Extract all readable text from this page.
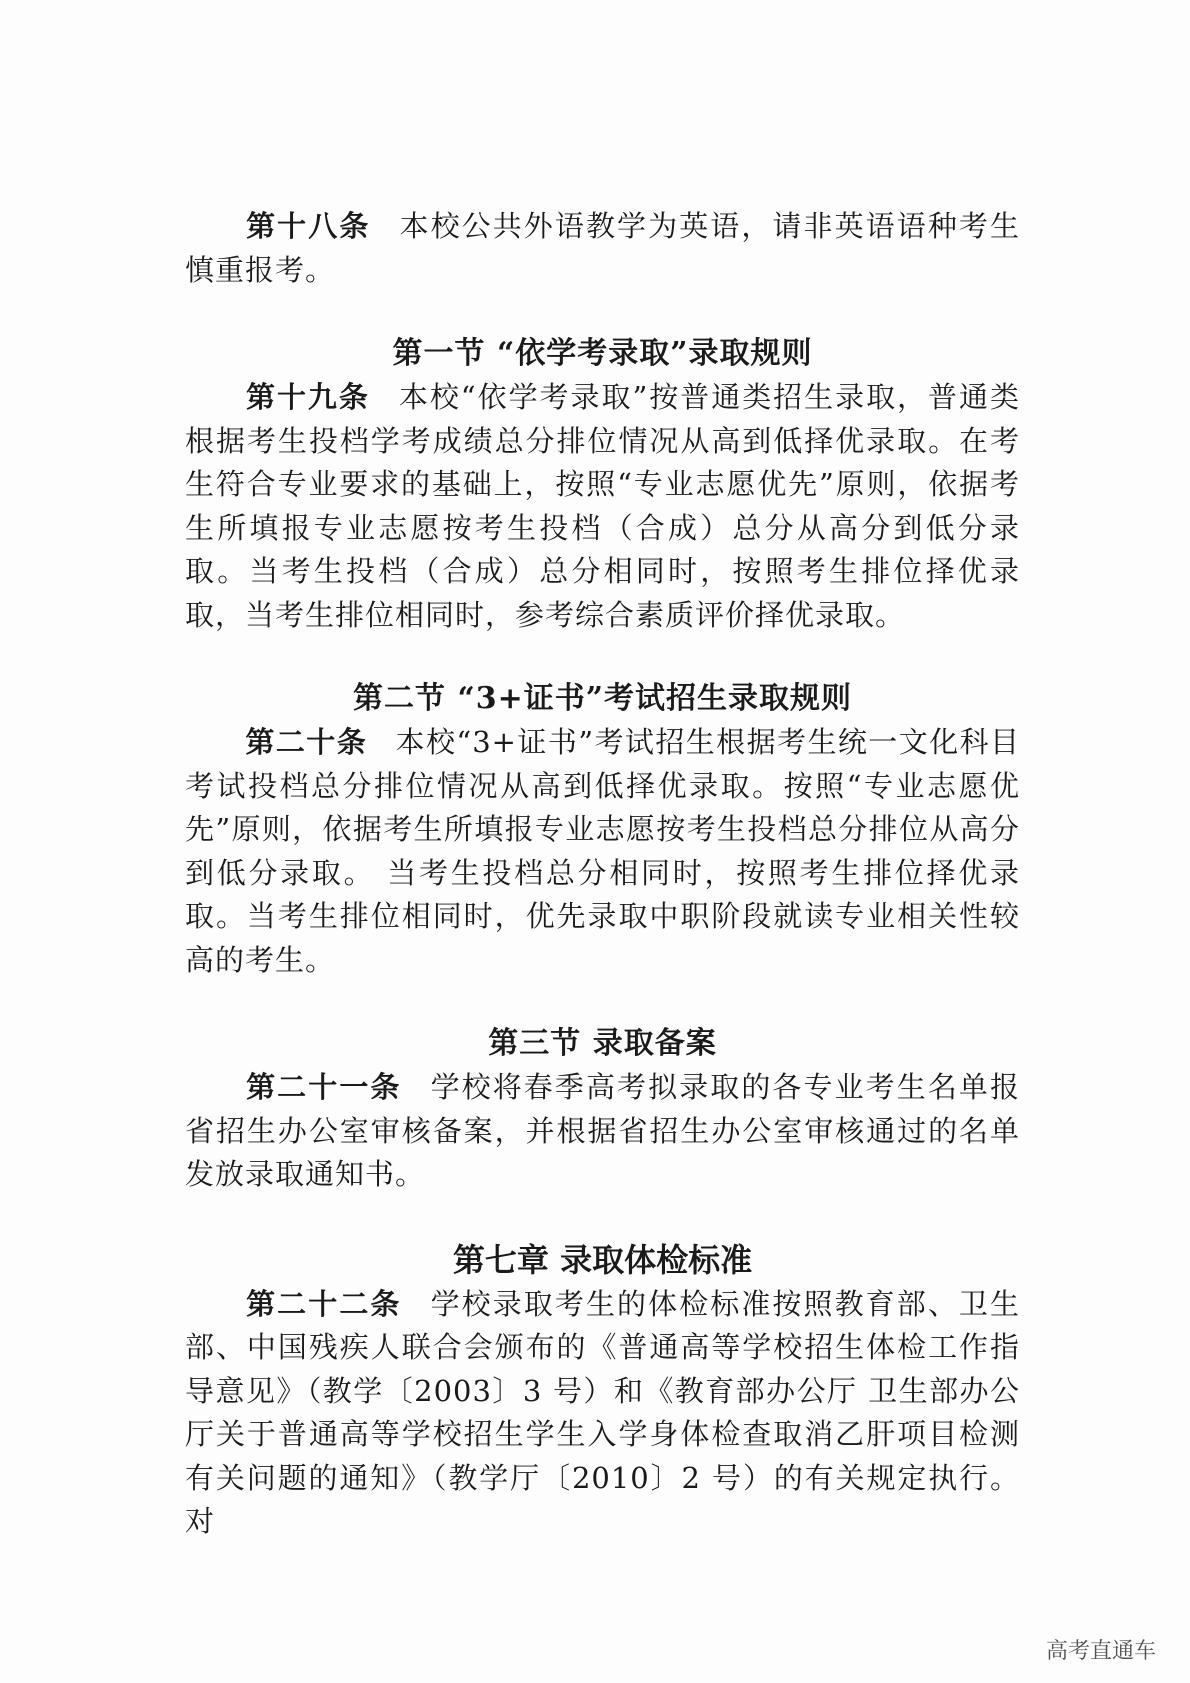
第十八条 本校公共外语教学为英语，请非英语语种考生慎重报考。

第一节 “依学考录取”录取规则

第十九条 本校“依学考录取”按普通类招生录取，普通类根据考生投档学考成绩总分排位情况从高到低择优录取。在考生符合专业要求的基础上，按照“专业志愿优先”原则，依据考生所填报专业志愿按考生投档（合成）总分从高分到低分录取。当考生投档（合成）总分相同时，按照考生排位择优录取，当考生排位相同时，参考综合素质评价择优录取。

第二节 “3+证书”考试招生录取规则

第二十条 本校“3+证书”考试招生根据考生统一文化科目考试投档总分排位情况从高到低择优录取。按照“专业志愿优先”原则，依据考生所填报专业志愿按考生投档总分排位从高分到低分录取。 当考生投档总分相同时，按照考生排位择优录取。当考生排位相同时，优先录取中职阶段就读专业相关性较高的考生。

第三节 录取备案

第二十一条 学校将春季高考拟录取的各专业考生名单报省招生办公室审核备案，并根据省招生办公室审核通过的名单发放录取通知书。

第七章 录取体检标准

第二十二条 学校录取考生的体检标准按照教育部、卫生部、中国残疾人联合会颁布的《普通高等学校招生体检工作指导意见》（教学〔2003〕3 号）和《教育部办公厅 卫生部办公厅关于普通高等学校招生学生入学身体检查取消乙肝项目检测有关问题的通知》（教学厅〔2010〕2 号）的有关规定执行。对

高考直通车
